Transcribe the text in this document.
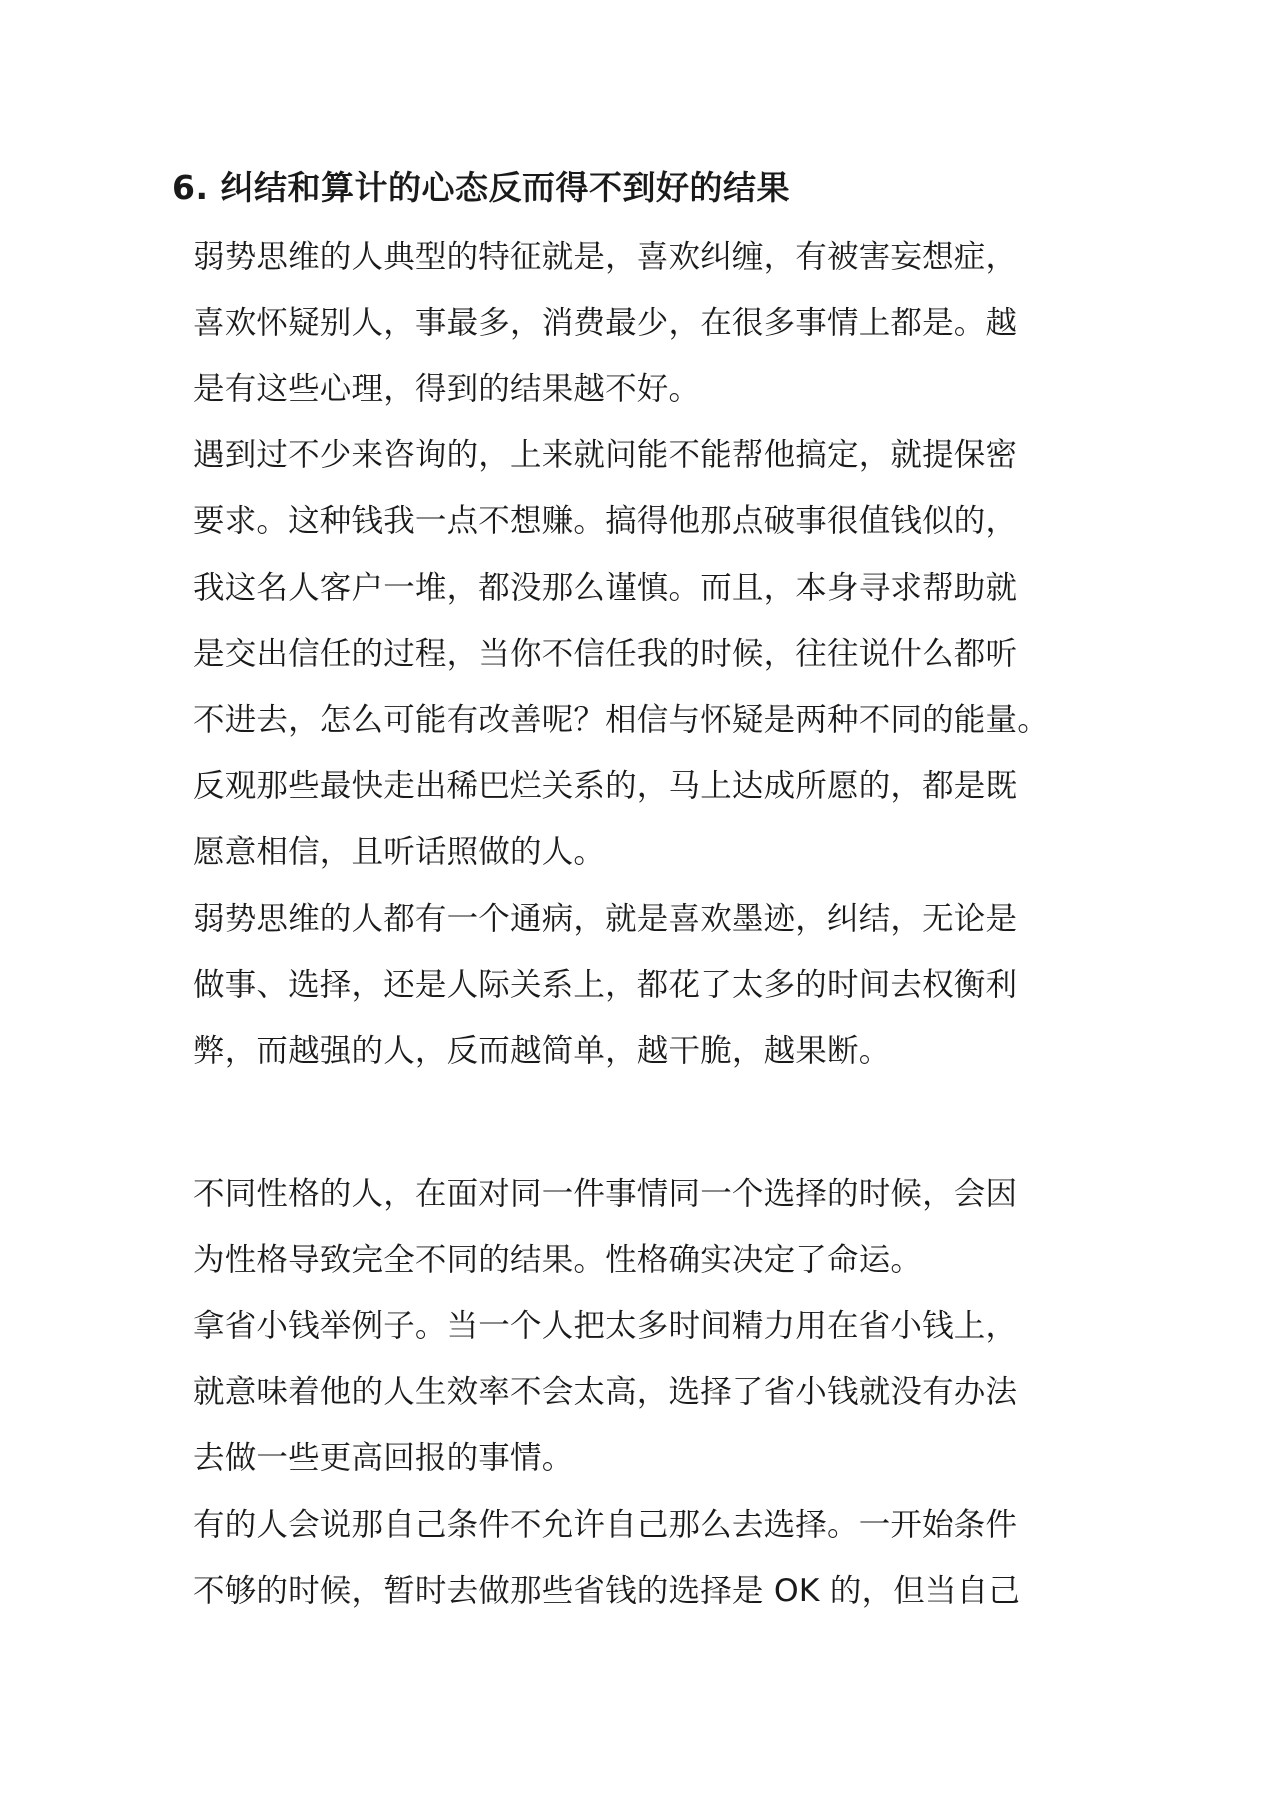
6. 纠结和算计的心态反而得不到好的结果

弱势思维的人典型的特征就是，喜欢纠缠，有被害妄想症，

喜欢怀疑别人，事最多，消费最少，在很多事情上都是。越

是有这些心理，得到的结果越不好。

遇到过不少来咨询的，上来就问能不能帮他搞定，就提保密

要求。这种钱我一点不想赚。搞得他那点破事很值钱似的，

我这名人客户一堆，都没那么谨慎。而且，本身寻求帮助就

是交出信任的过程，当你不信任我的时候，往往说什么都听

不进去，怎么可能有改善呢？相信与怀疑是两种不同的能量。

反观那些最快走出稀巴烂关系的，马上达成所愿的，都是既

愿意相信，且听话照做的人。

弱势思维的人都有一个通病，就是喜欢墨迹，纠结，无论是

做事、选择，还是人际关系上，都花了太多的时间去权衡利

弊，而越强的人，反而越简单，越干脆，越果断。

不同性格的人，在面对同一件事情同一个选择的时候，会因

为性格导致完全不同的结果。性格确实决定了命运。

拿省小钱举例子。当一个人把太多时间精力用在省小钱上，

就意味着他的人生效率不会太高，选择了省小钱就没有办法

去做一些更高回报的事情。

有的人会说那自己条件不允许自己那么去选择。一开始条件

不够的时候，暂时去做那些省钱的选择是 OK 的，但当自己
